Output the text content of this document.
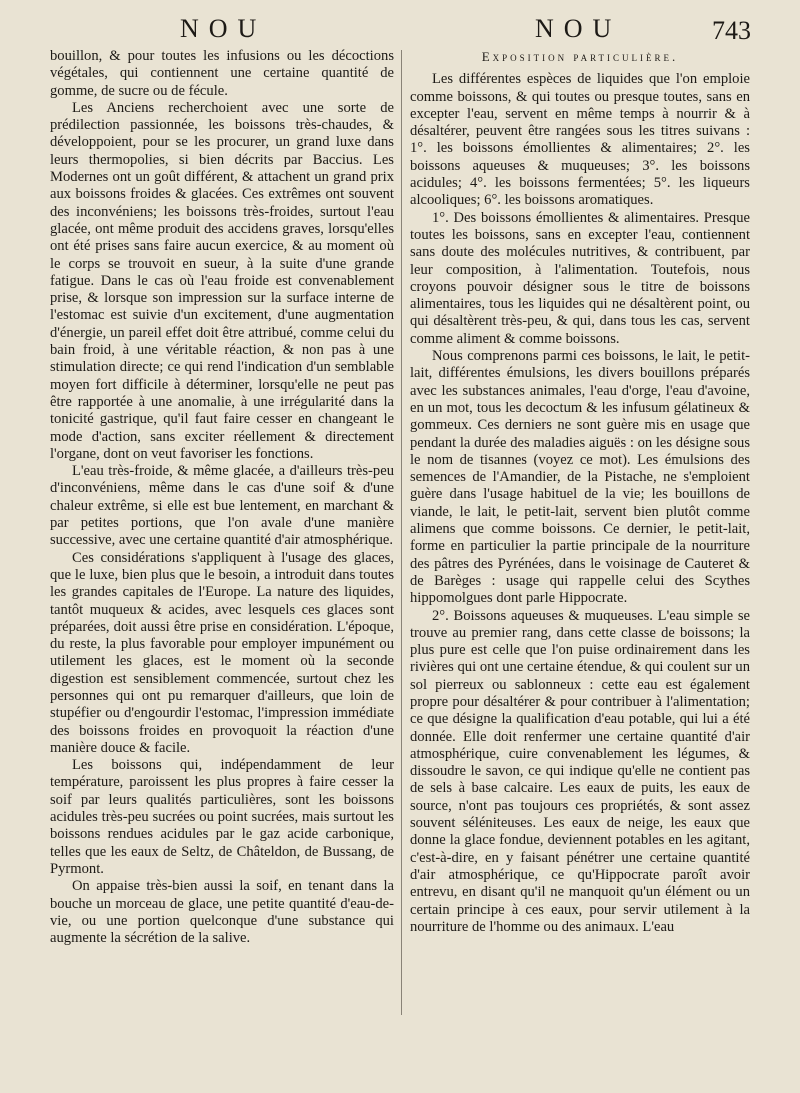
NOU	NOU	743

bouillon, & pour toutes les infusions ou les décoctions végétales, qui contiennent une certaine quantité de gomme, de sucre ou de fécule.

Les Anciens recherchoient avec une sorte de prédilection passionnée, les boissons très-chaudes, & développoient, pour se les procurer, un grand luxe dans leurs thermopolies, si bien décrits par Baccius. Les Modernes ont un goût différent, & attachent un grand prix aux boissons froides & glacées. Ces extrêmes ont souvent des inconvéniens; les boissons très-froides, surtout l'eau glacée, ont même produit des accidens graves, lorsqu'elles ont été prises sans faire aucun exercice, & au moment où le corps se trouvoit en sueur, à la suite d'une grande fatigue. Dans le cas où l'eau froide est convenablement prise, & lorsque son impression sur la surface interne de l'estomac est suivie d'un excitement, d'une augmentation d'énergie, un pareil effet doit être attribué, comme celui du bain froid, à une véritable réaction, & non pas à une stimulation directe; ce qui rend l'indication d'un semblable moyen fort difficile à déterminer, lorsqu'elle ne peut pas être rapportée à une anomalie, à une irrégularité dans la tonicité gastrique, qu'il faut faire cesser en changeant le mode d'action, sans exciter réellement & directement l'organe, dont on veut favoriser les fonctions.

L'eau très-froide, & même glacée, a d'ailleurs très-peu d'inconvéniens, même dans le cas d'une soif & d'une chaleur extrême, si elle est bue lentement, en marchant & par petites portions, que l'on avale d'une manière successive, avec une certaine quantité d'air atmosphérique.

Ces considérations s'appliquent à l'usage des glaces, que le luxe, bien plus que le besoin, a introduit dans toutes les grandes capitales de l'Europe. La nature des liquides, tantôt muqueux & acides, avec lesquels ces glaces sont préparées, doit aussi être prise en considération. L'époque, du reste, la plus favorable pour employer impunément ou utilement les glaces, est le moment où la seconde digestion est sensiblement commencée, surtout chez les personnes qui ont pu remarquer d'ailleurs, que loin de stupéfier ou d'engourdir l'estomac, l'impression immédiate des boissons froides en provoquoit la réaction d'une manière douce & facile.

Les boissons qui, indépendamment de leur température, paroissent les plus propres à faire cesser la soif par leurs qualités particulières, sont les boissons acidules très-peu sucrées ou point sucrées, mais surtout les boissons rendues acidules par le gaz acide carbonique, telles que les eaux de Seltz, de Châteldon, de Bussang, de Pyrmont.

On appaise très-bien aussi la soif, en tenant dans la bouche un morceau de glace, une petite quantité d'eau-de-vie, ou une portion quelconque d'une substance qui augmente la sécrétion de la salive.

Exposition particulière.

Les différentes espèces de liquides que l'on emploie comme boissons, & qui toutes ou presque toutes, sans en excepter l'eau, servent en même temps à nourrir & à désaltérer, peuvent être rangées sous les titres suivans : 1°. les boissons émollientes & alimentaires; 2°. les boissons aqueuses & muqueuses; 3°. les boissons acidules; 4°. les boissons fermentées; 5°. les liqueurs alcooliques; 6°. les boissons aromatiques.

1°. Des boissons émollientes & alimentaires. Presque toutes les boissons, sans en excepter l'eau, contiennent sans doute des molécules nutritives, & contribuent, par leur composition, à l'alimentation. Toutefois, nous croyons pouvoir désigner sous le titre de boissons alimentaires, tous les liquides qui ne désaltèrent point, ou qui désaltèrent très-peu, & qui, dans tous les cas, servent comme aliment & comme boissons.

Nous comprenons parmi ces boissons, le lait, le petit-lait, différentes émulsions, les divers bouillons préparés avec les substances animales, l'eau d'orge, l'eau d'avoine, en un mot, tous les decoctum & les infusum gélatineux & gommeux. Ces derniers ne sont guère mis en usage que pendant la durée des maladies aiguës : on les désigne sous le nom de tisannes (voyez ce mot). Les émulsions des semences de l'Amandier, de la Pistache, ne s'emploient guère dans l'usage habituel de la vie; les bouillons de viande, le lait, le petit-lait, servent bien plutôt comme alimens que comme boissons. Ce dernier, le petit-lait, forme en particulier la partie principale de la nourriture des pâtres des Pyrénées, dans le voisinage de Cauteret & de Barèges : usage qui rappelle celui des Scythes hippomolgues dont parle Hippocrate.

2°. Boissons aqueuses & muqueuses. L'eau simple se trouve au premier rang, dans cette classe de boissons; la plus pure est celle que l'on puise ordinairement dans les rivières qui ont une certaine étendue, & qui coulent sur un sol pierreux ou sablonneux : cette eau est également propre pour désaltérer & pour contribuer à l'alimentation; ce que désigne la qualification d'eau potable, qui lui a été donnée. Elle doit renfermer une certaine quantité d'air atmosphérique, cuire convenablement les légumes, & dissoudre le savon, ce qui indique qu'elle ne contient pas de sels à base calcaire. Les eaux de puits, les eaux de source, n'ont pas toujours ces propriétés, & sont assez souvent séléniteuses. Les eaux de neige, les eaux que donne la glace fondue, deviennent potables en les agitant, c'est-à-dire, en y faisant pénétrer une certaine quantité d'air atmosphérique, ce qu'Hippocrate paroît avoir entrevu, en disant qu'il ne manquoit qu'un élément ou un certain principe à ces eaux, pour servir utilement à la nourriture de l'homme ou des animaux. L'eau
